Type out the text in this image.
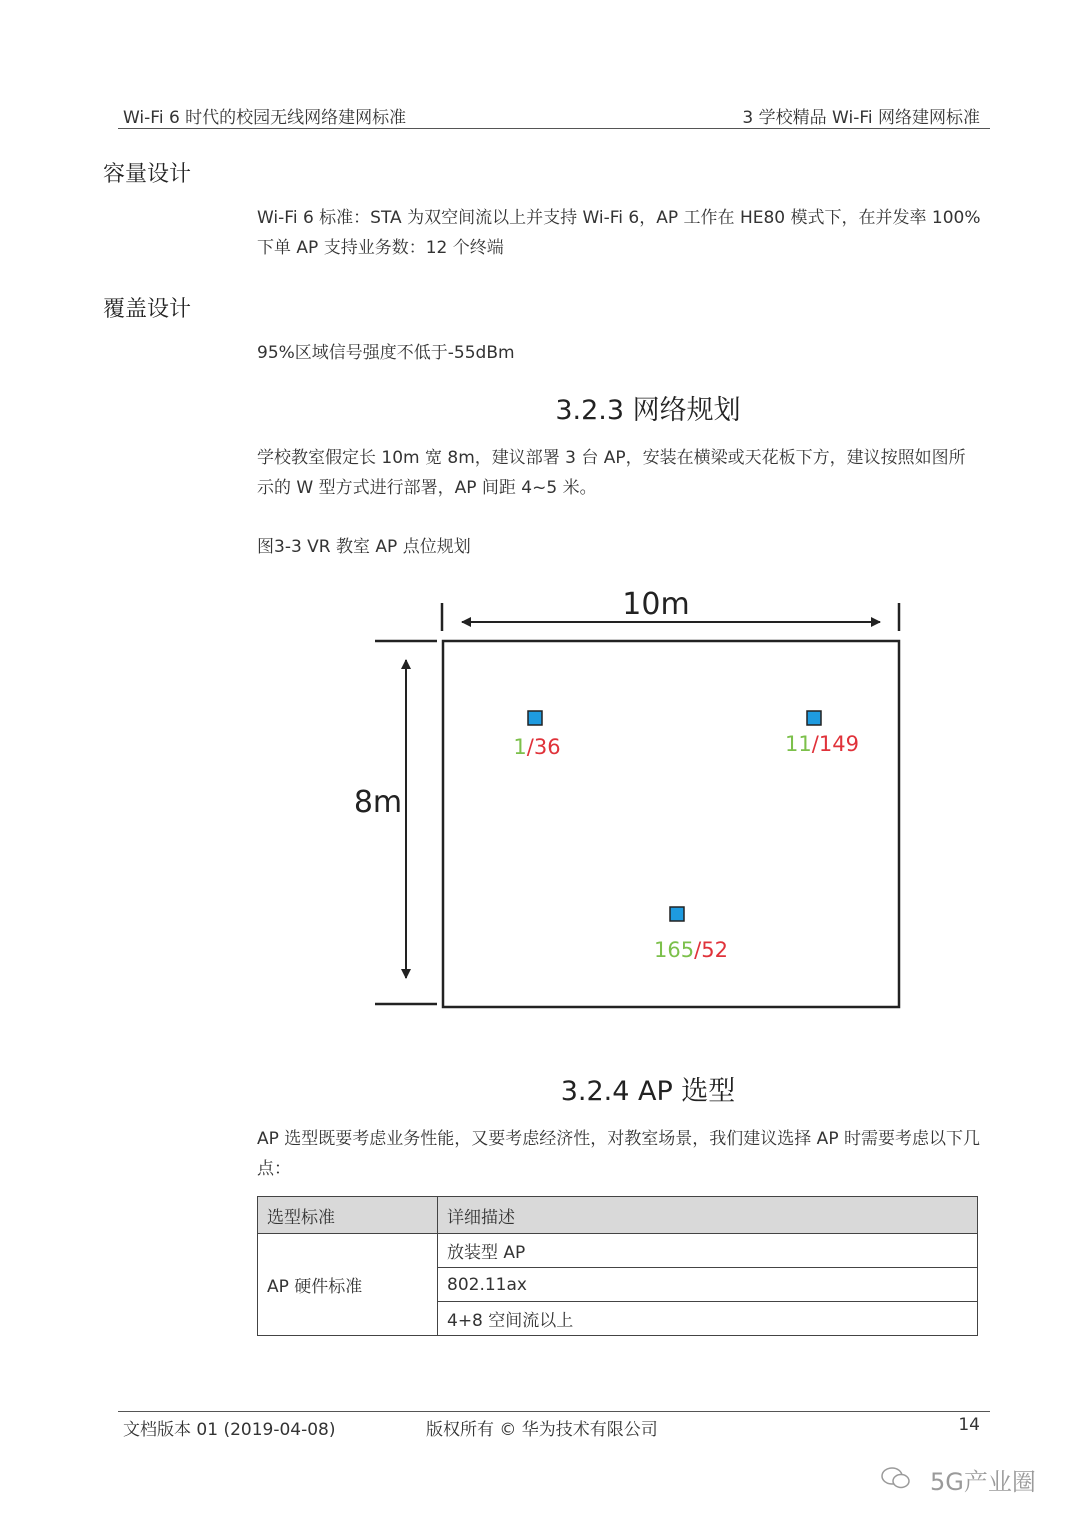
Wi-Fi 6 时代的校园无线网络建网标准	3 学校精品 Wi-Fi 网络建网标准
容量设计
Wi-Fi 6 标准：STA 为双空间流以上并支持 Wi-Fi 6，AP 工作在 HE80 模式下，在并发率 100%下单 AP 支持业务数：12 个终端
覆盖设计
95%区域信号强度不低于-55dBm
3.2.3 网络规划
学校教室假定长 10m 宽 8m，建议部署 3 台 AP，安装在横梁或天花板下方，建议按照如图所示的 W 型方式进行部署，AP 间距 4~5 米。
图3-3 VR 教室 AP 点位规划
10m
8m
1/36	11/149
165/52
3.2.4 AP 选型
AP 选型既要考虑业务性能，又要考虑经济性，对教室场景，我们建议选择 AP 时需要考虑以下几点：
选型标准	详细描述
AP 硬件标准	放装型 AP
	802.11ax
	4+8 空间流以上
文档版本 01 (2019-04-08)	版权所有 © 华为技术有限公司	14
5G产业圈
